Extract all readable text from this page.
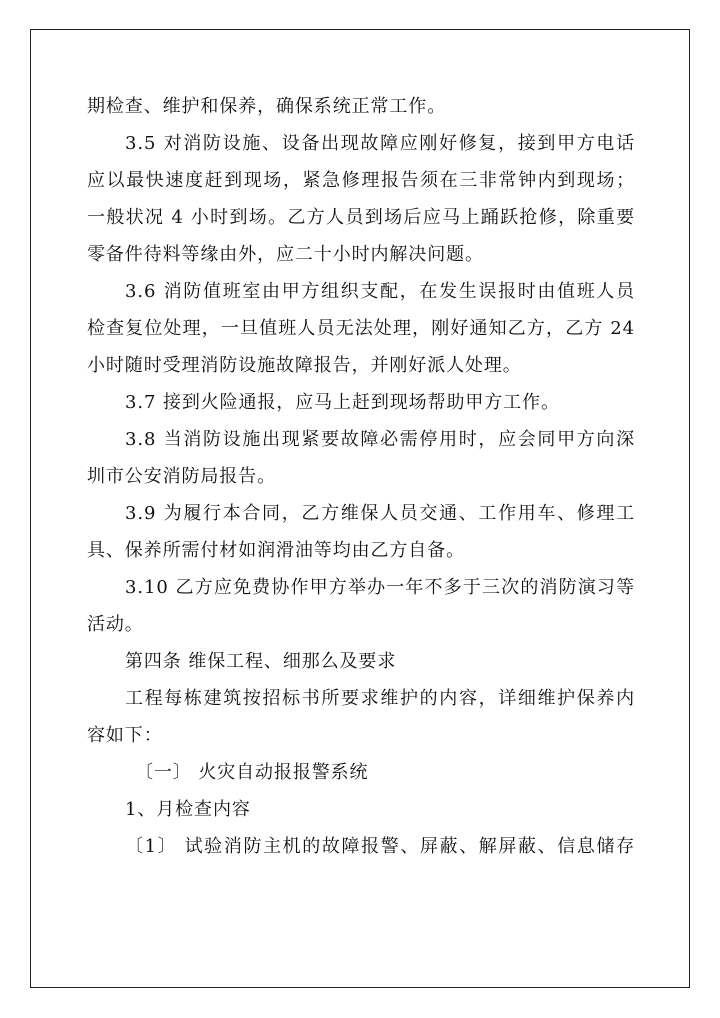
期检查、维护和保养，确保系统正常工作。
3.5 对消防设施、设备出现故障应刚好修复，接到甲方电话
应以最快速度赶到现场，紧急修理报告须在三非常钟内到现场；
一般状况 4 小时到场。乙方人员到场后应马上踊跃抢修，除重要
零备件待料等缘由外，应二十小时内解决问题。
3.6 消防值班室由甲方组织支配，在发生误报时由值班人员
检查复位处理，一旦值班人员无法处理，刚好通知乙方，乙方 24
小时随时受理消防设施故障报告，并刚好派人处理。
3.7 接到火险通报，应马上赶到现场帮助甲方工作。
3.8 当消防设施出现紧要故障必需停用时，应会同甲方向深
圳市公安消防局报告。
3.9 为履行本合同，乙方维保人员交通、工作用车、修理工
具、保养所需付材如润滑油等均由乙方自备。
3.10 乙方应免费协作甲方举办一年不多于三次的消防演习等
活动。
第四条 维保工程、细那么及要求
工程每栋建筑按招标书所要求维护的内容，详细维护保养内
容如下：
〔一〕 火灾自动报报警系统
1、月检查内容
〔1〕 试验消防主机的故障报警、屏蔽、解屏蔽、信息储存
